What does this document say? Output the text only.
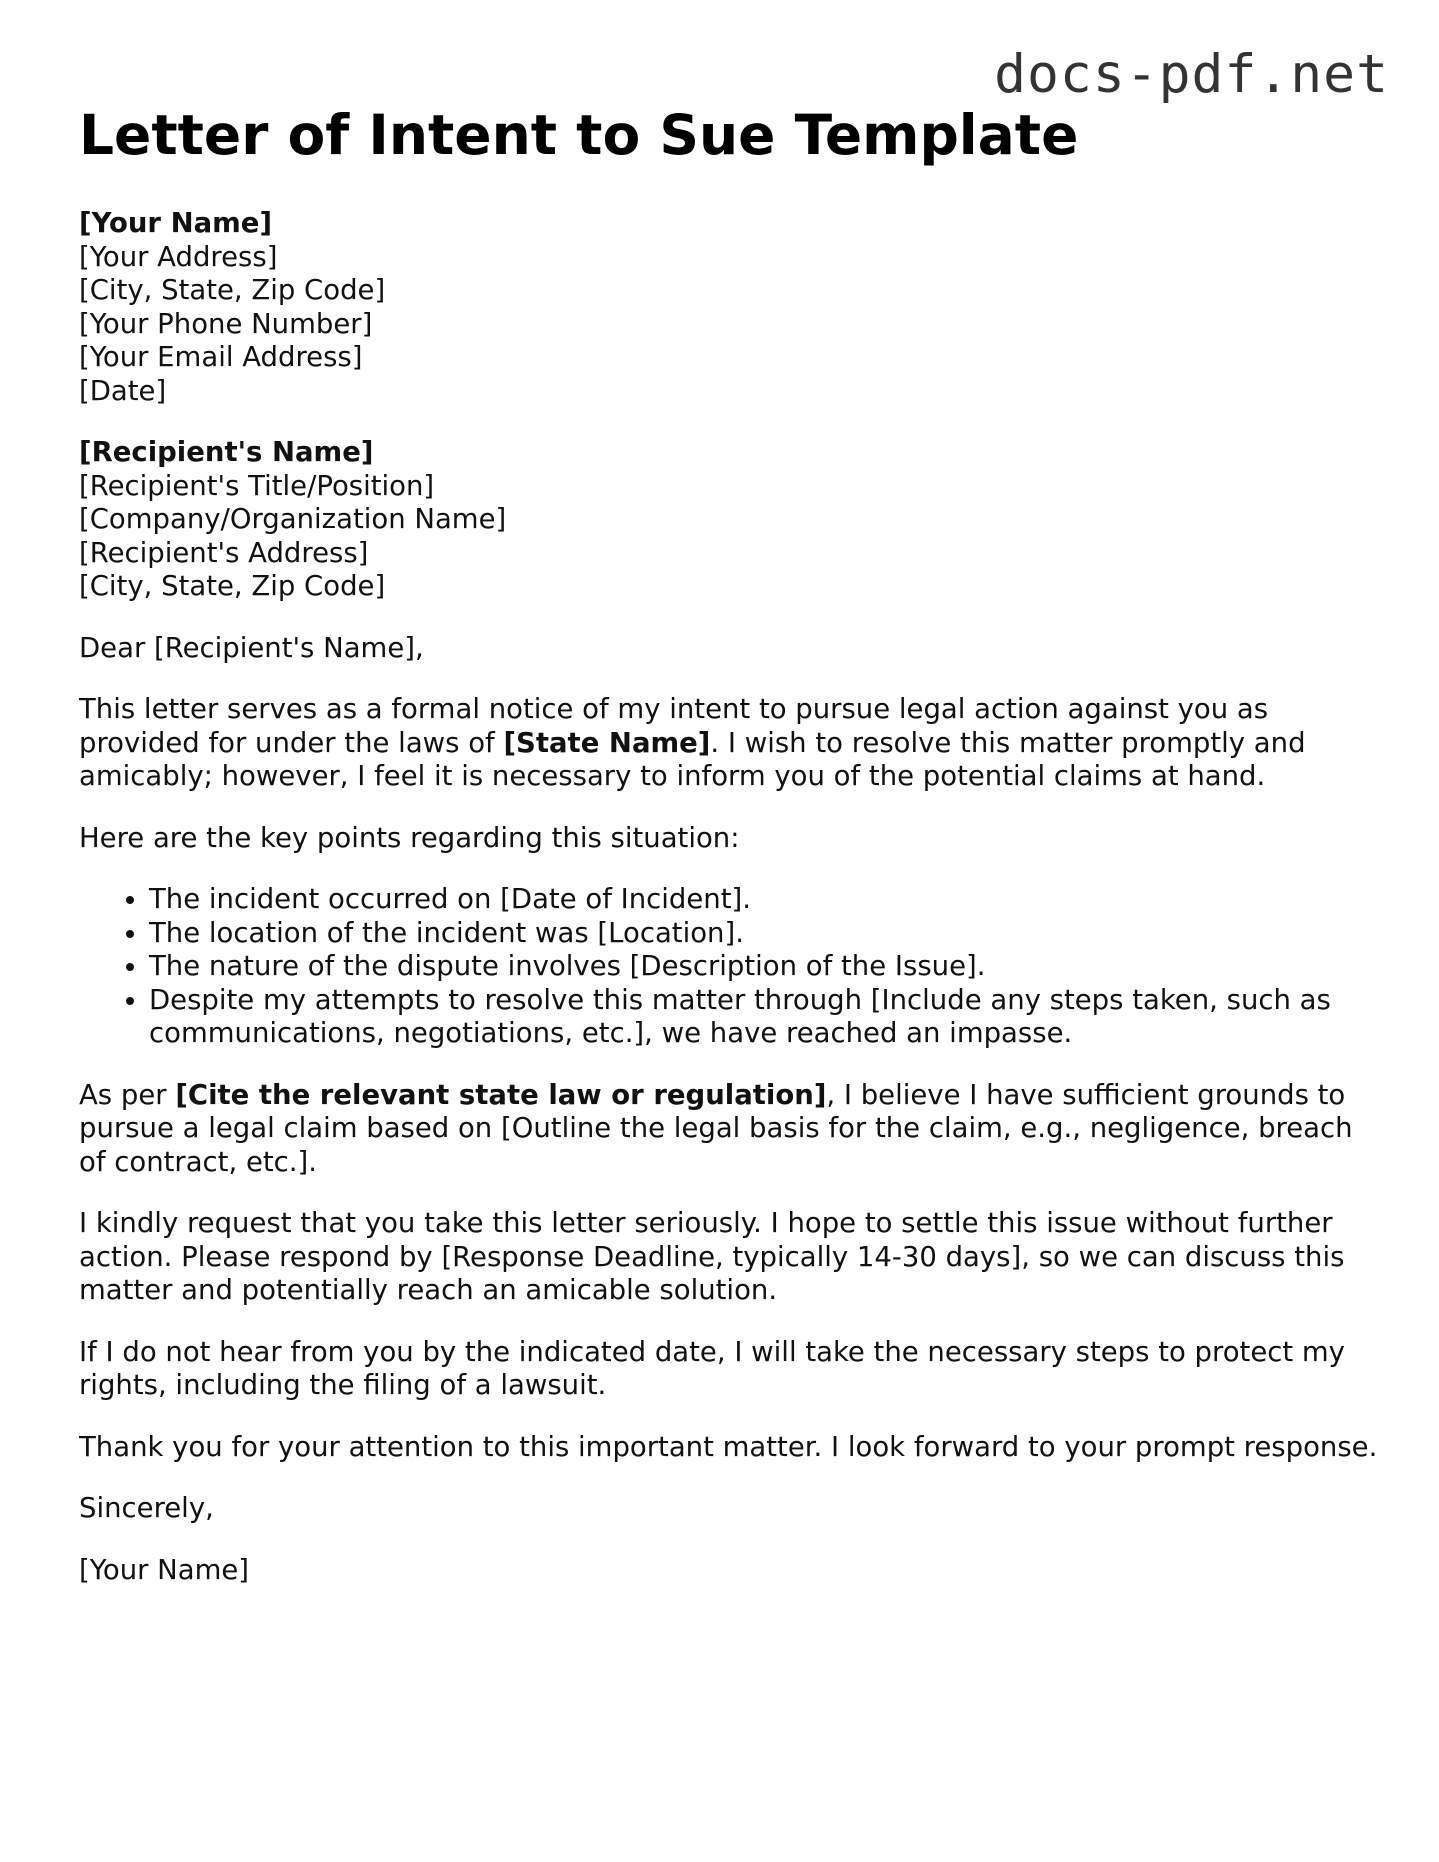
docs-pdf.net
Letter of Intent to Sue Template
[Your Name]
[Your Address]
[City, State, Zip Code]
[Your Phone Number]
[Your Email Address]
[Date]
[Recipient's Name]
[Recipient's Title/Position]
[Company/Organization Name]
[Recipient's Address]
[City, State, Zip Code]

Dear [Recipient's Name],

This letter serves as a formal notice of my intent to pursue legal action against you as provided for under the laws of [State Name]. I wish to resolve this matter promptly and amicably; however, I feel it is necessary to inform you of the potential claims at hand.

Here are the key points regarding this situation:

• The incident occurred on [Date of Incident].
• The location of the incident was [Location].
• The nature of the dispute involves [Description of the Issue].
• Despite my attempts to resolve this matter through [Include any steps taken, such as communications, negotiations, etc.], we have reached an impasse.

As per [Cite the relevant state law or regulation], I believe I have sufficient grounds to pursue a legal claim based on [Outline the legal basis for the claim, e.g., negligence, breach of contract, etc.].

I kindly request that you take this letter seriously. I hope to settle this issue without further action. Please respond by [Response Deadline, typically 14-30 days], so we can discuss this matter and potentially reach an amicable solution.

If I do not hear from you by the indicated date, I will take the necessary steps to protect my rights, including the filing of a lawsuit.

Thank you for your attention to this important matter. I look forward to your prompt response.

Sincerely,

[Your Name]
